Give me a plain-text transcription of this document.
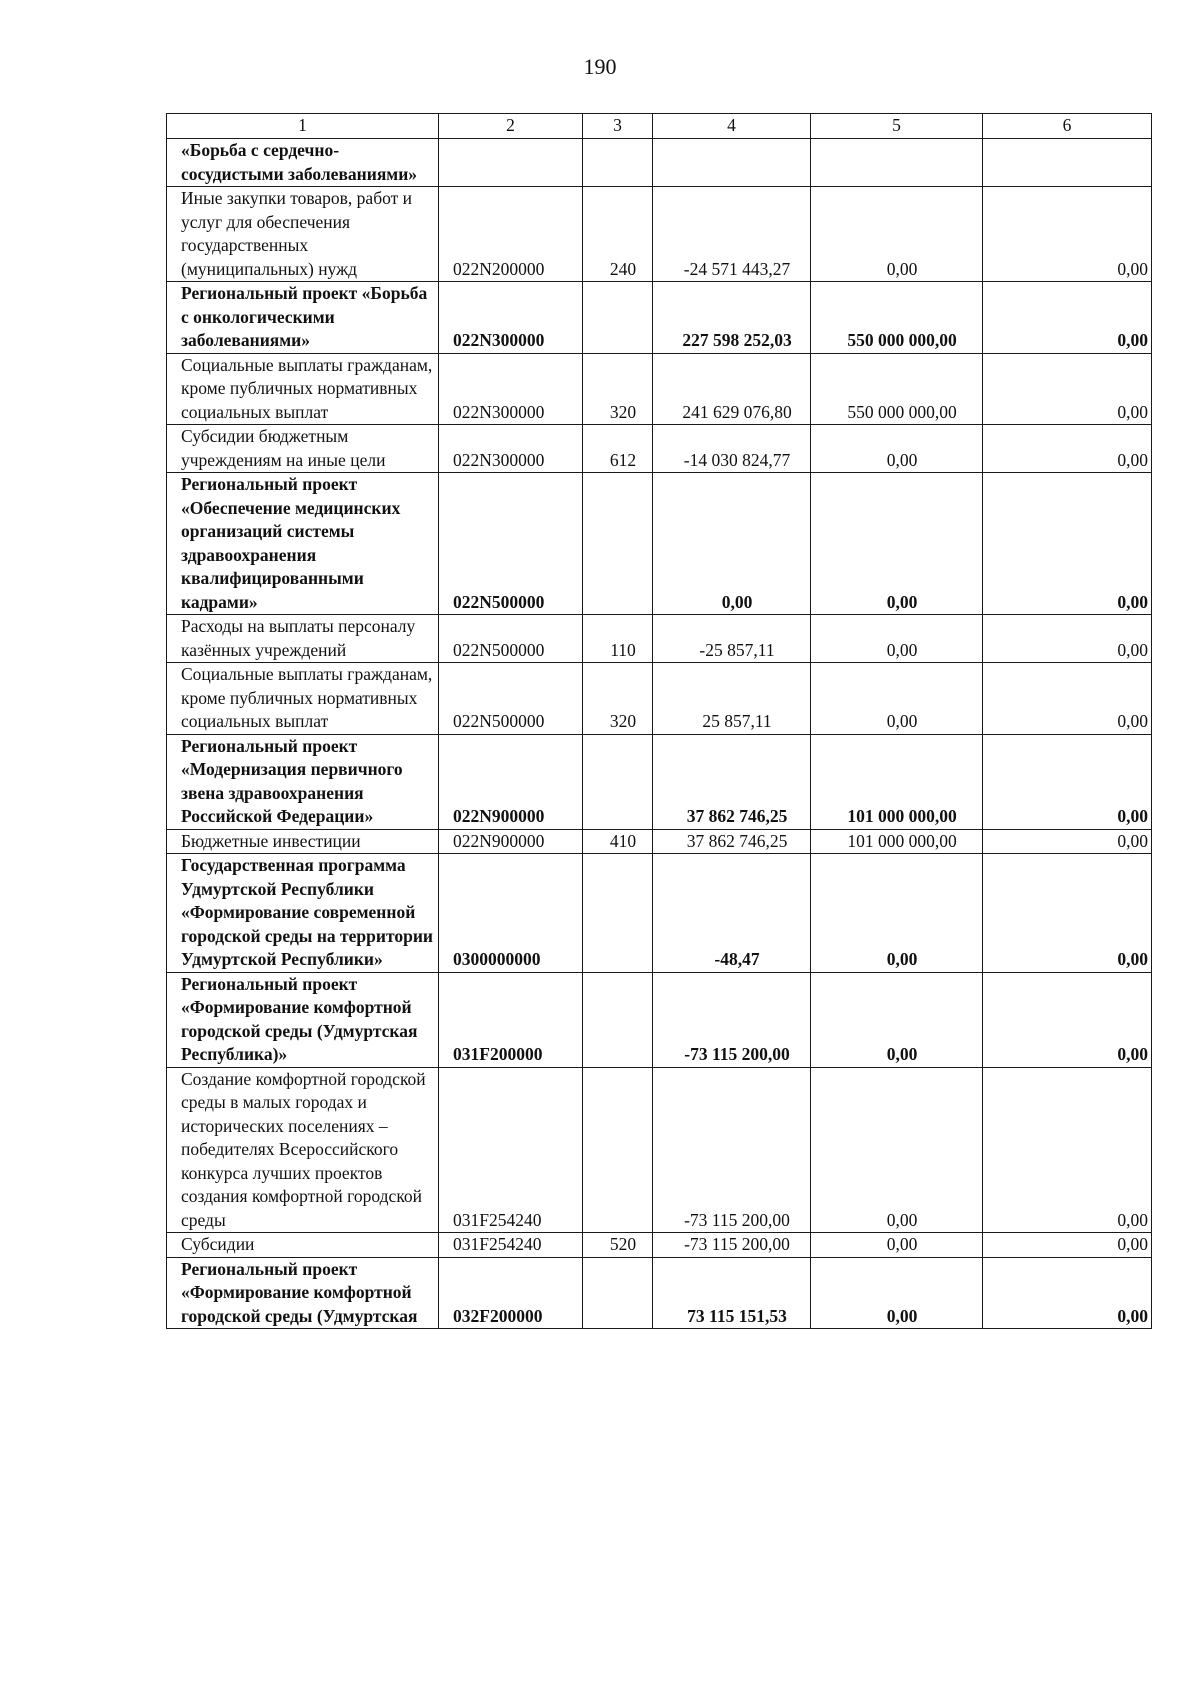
190
1	2	3	4	5	6
«Борьба с сердечно-сосудистыми заболеваниями»					
Иные закупки товаров, работ и услуг для обеспечения государственных (муниципальных) нужд	022N200000	240	-24 571 443,27	0,00	0,00
Региональный проект «Борьба с онкологическими заболеваниями»	022N300000		227 598 252,03	550 000 000,00	0,00
Социальные выплаты гражданам, кроме публичных нормативных социальных выплат	022N300000	320	241 629 076,80	550 000 000,00	0,00
Субсидии бюджетным учреждениям на иные цели	022N300000	612	-14 030 824,77	0,00	0,00
Региональный проект «Обеспечение медицинских организаций системы здравоохранения квалифицированными кадрами»	022N500000		0,00	0,00	0,00
Расходы на выплаты персоналу казённых учреждений	022N500000	110	-25 857,11	0,00	0,00
Социальные выплаты гражданам, кроме публичных нормативных социальных выплат	022N500000	320	25 857,11	0,00	0,00
Региональный проект «Модернизация первичного звена здравоохранения Российской Федерации»	022N900000		37 862 746,25	101 000 000,00	0,00
Бюджетные инвестиции	022N900000	410	37 862 746,25	101 000 000,00	0,00
Государственная программа Удмуртской Республики «Формирование современной городской среды на территории Удмуртской Республики»	0300000000		-48,47	0,00	0,00
Региональный проект «Формирование комфортной городской среды (Удмуртская Республика)»	031F200000		-73 115 200,00	0,00	0,00
Создание комфортной городской среды в малых городах и исторических поселениях – победителях Всероссийского конкурса лучших проектов создания комфортной городской среды	031F254240		-73 115 200,00	0,00	0,00
Субсидии	031F254240	520	-73 115 200,00	0,00	0,00
Региональный проект «Формирование комфортной городской среды (Удмуртская	032F200000		73 115 151,53	0,00	0,00
